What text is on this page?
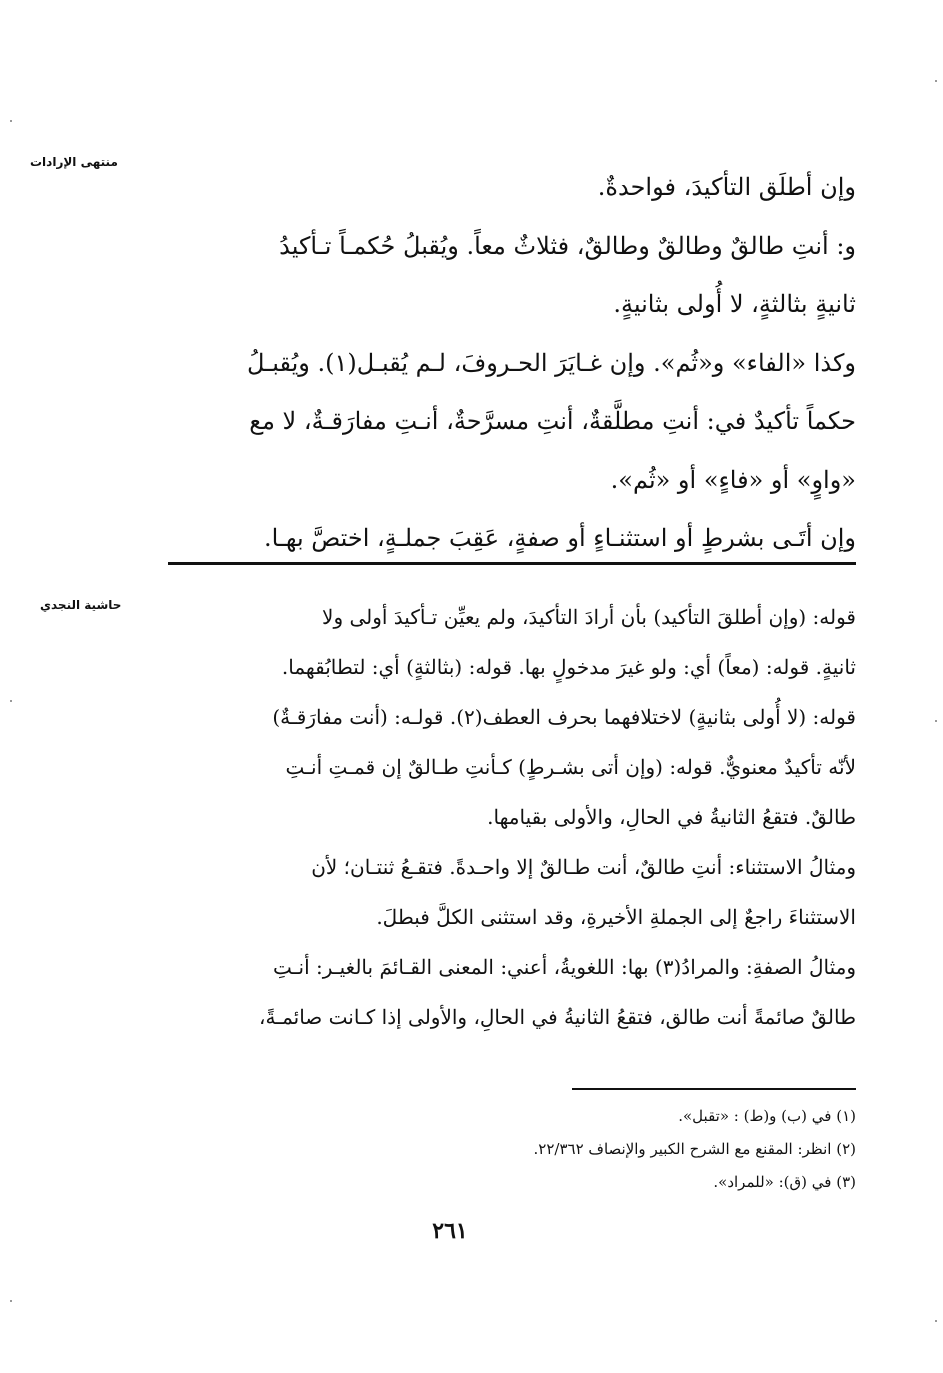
منتهى الإرادات
حاشية النجدي

وإن أطلَق التأكيدَ، فواحدةٌ.

و: أنتِ طالقٌ وطالقٌ وطالقٌ، فثلاثٌ معاً. ويُقبلُ حُكمـاً تـأكيدُ

ثانيةٍ بثالثةٍ، لا أُولى بثانيةٍ.

وكذا «الفاء» و«ثُم». وإن غـايَرَ الحـروفَ، لـم يُقبـل(١). ويُقبـلُ

حكماً تأكيدٌ في: أنتِ مطلَّقةٌ، أنتِ مسرَّحةٌ، أنـتِ مفارَقـةٌ، لا مع

«واوٍ» أو «فاءٍ» أو «ثُم».

وإن أتَـى بشرطٍ أو استثنـاءٍ أو صفةٍ، عَقِبَ جملـةٍ، اختصَّ بهـا.

قوله: (وإن أطلقَ التأكيد) بأن أرادَ التأكيدَ، ولم يعيِّن تـأكيدَ أولى ولا

ثانيةٍ. قوله: (معاً) أي: ولو غيرَ مدخولٍ بها. قوله: (بثالثةٍ) أي: لتطابُقهما.

قوله: (لا أُولى بثانيةٍ) لاختلافهما بحرف العطف(٢). قولـه: (أنت مفارَقـةٌ)

لأنّه تأكيدٌ معنويٌّ. قوله: (وإن أتى بشـرطٍ) كـأنتِ طـالقٌ إن قمـتِ أنـتِ

طالقٌ. فتقعُ الثانيةُ في الحالِ، والأولى بقيامها.

ومثالُ الاستثناء: أنتِ طالقٌ، أنت طـالقٌ إلا واحـدةً. فتقـعُ ثنتـان؛ لأن

الاستثناءَ راجعٌ إلى الجملةِ الأخيرةِ، وقد استثنى الكلَّ فبطلَ.

ومثالُ الصفةِ: والمرادُ(٣) بها: اللغويةُ، أعني: المعنى القـائمَ بالغيـر: أنـتِ

طالقٌ صائمةً أنت طالق، فتقعُ الثانيةُ في الحالِ، والأولى إذا كـانت صائمـةً،

(١) في (ب) و(ط) : «تقبل».

(٢) انظر: المقنع مع الشرح الكبير والإنصاف ٢٢/٣٦٢.

(٣) في (ق): «للمراد».

٢٦١
